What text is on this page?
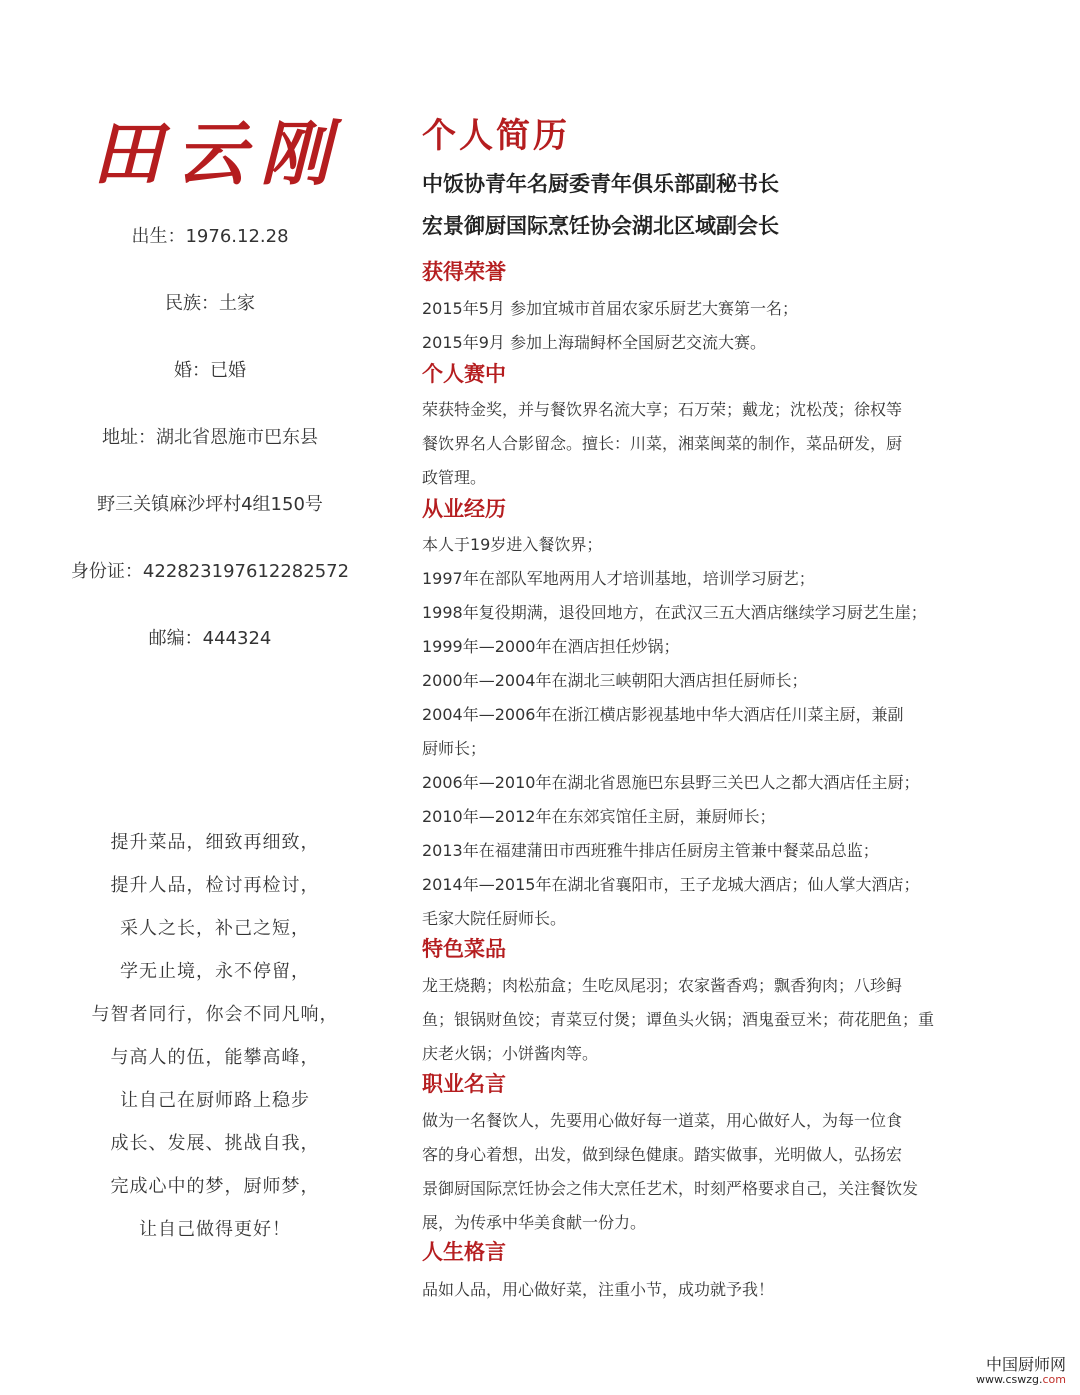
田云刚
出生：1976.12.28
民族：土家
婚：已婚
地址：湖北省恩施市巴东县
野三关镇麻沙坪村4组150号
身份证：422823197612282572
邮编：444324
提升菜品，细致再细致，
提升人品，检讨再检讨，
采人之长，补己之短，
学无止境，永不停留，
与智者同行，你会不同凡响，
与高人的伍，能攀高峰，
让自己在厨师路上稳步
成长、发展、挑战自我，
完成心中的梦，厨师梦，
让自己做得更好！
个人简历
中饭协青年名厨委青年俱乐部副秘书长
宏景御厨国际烹饪协会湖北区域副会长
获得荣誉
2015年5月 参加宜城市首届农家乐厨艺大赛第一名；
2015年9月 参加上海瑞鲟杯全国厨艺交流大赛。
个人赛中
荣获特金奖，并与餐饮界名流大享；石万荣；戴龙；沈松茂；徐权等
餐饮界名人合影留念。擅长：川菜，湘菜闽菜的制作，菜品研发，厨
政管理。
从业经历
本人于19岁进入餐饮界；
1997年在部队军地两用人才培训基地，培训学习厨艺；
1998年复役期满，退役回地方，在武汉三五大酒店继续学习厨艺生崖；
1999年—2000年在酒店担任炒锅；
2000年—2004年在湖北三峡朝阳大酒店担任厨师长；
2004年—2006年在浙江横店影视基地中华大酒店任川菜主厨，兼副
厨师长；
2006年—2010年在湖北省恩施巴东县野三关巴人之都大酒店任主厨；
2010年—2012年在东郊宾馆任主厨，兼厨师长；
2013年在福建蒲田市西班雅牛排店任厨房主管兼中餐菜品总监；
2014年—2015年在湖北省襄阳市，王子龙城大酒店；仙人掌大酒店；
毛家大院任厨师长。
特色菜品
龙王烧鹅；肉松茄盒；生吃凤尾羽；农家酱香鸡；飘香狗肉；八珍鲟
鱼；银锅财鱼饺；青菜豆付煲；谭鱼头火锅；酒鬼蚕豆米；荷花肥鱼；重
庆老火锅；小饼酱肉等。
职业名言
做为一名餐饮人，先要用心做好每一道菜，用心做好人，为每一位食
客的身心着想，出发，做到绿色健康。踏实做事，光明做人，弘扬宏
景御厨国际烹饪协会之伟大烹任艺术，时刻严格要求自己，关注餐饮发
展，为传承中华美食献一份力。
人生格言
品如人品，用心做好菜，注重小节，成功就予我！
中国厨师网
www.cswzg.com
